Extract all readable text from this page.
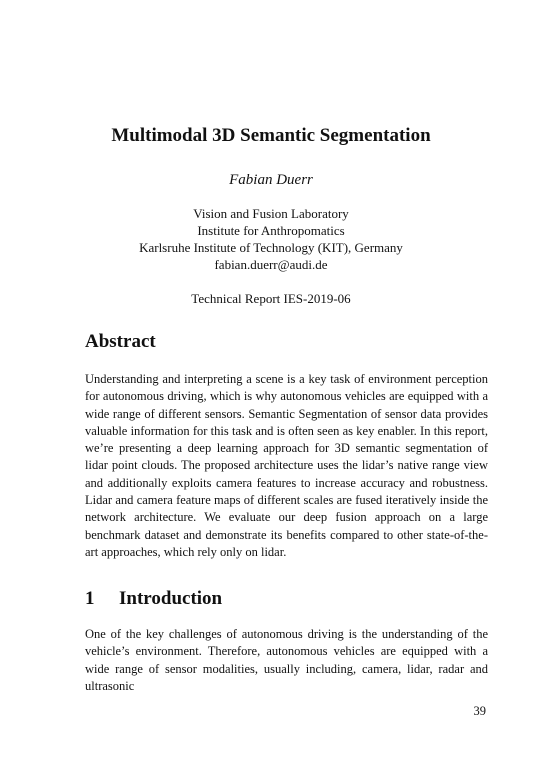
Multimodal 3D Semantic Segmentation
Fabian Duerr
Vision and Fusion Laboratory
Institute for Anthropomatics
Karlsruhe Institute of Technology (KIT), Germany
fabian.duerr@audi.de
Technical Report IES-2019-06
Abstract

Understanding and interpreting a scene is a key task of environment perception for autonomous driving, which is why autonomous vehicles are equipped with a wide range of different sensors. Semantic Segmentation of sensor data provides valuable information for this task and is often seen as key enabler. In this report, we’re presenting a deep learning approach for 3D semantic segmentation of lidar point clouds. The proposed architecture uses the lidar’s native range view and additionally exploits camera features to increase accuracy and robustness. Lidar and camera feature maps of different scales are fused iteratively inside the network architecture. We evaluate our deep fusion approach on a large benchmark dataset and demonstrate its benefits compared to other state-of-the-art approaches, which rely only on lidar.

1 Introduction

One of the key challenges of autonomous driving is the understanding of the vehicle’s environment. Therefore, autonomous vehicles are equipped with a wide range of sensor modalities, usually including, camera, lidar, radar and ultrasonic

39
